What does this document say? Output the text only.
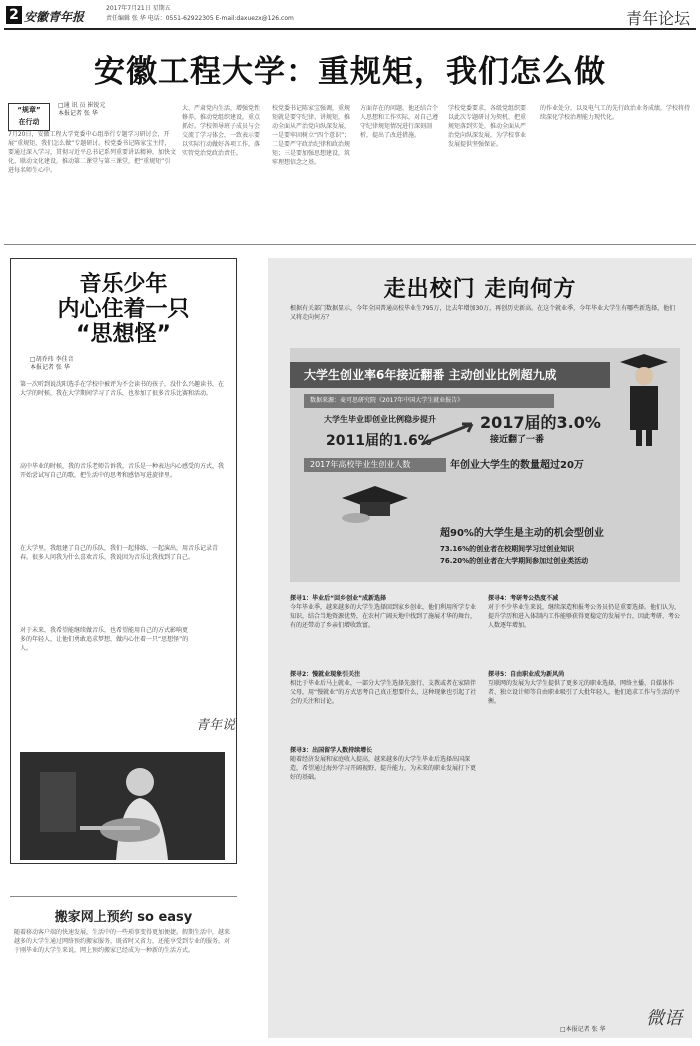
2 安徽青年报
2017年7月21日 星期五
责任编辑 张 华 电话：0551-62922305 E-mail:daxuezx@126.com	青年论坛
安徽工程大学：重规矩，我们怎么做
“规章”
在行动
□通 讯 员 崔锐元
本报记者 张 华
7月20日，安徽工程大学党委中心组举行专题学习研讨会，开展“重规矩，我们怎么做”专题研讨。校党委书记陈家宝主持，要通过深入学习，贯彻习近平总书记系列重要讲话精神，加快文化、联动文化建设，推动第二课堂与第三课堂，把“重规矩”引进每名师生心中。
大、严肃党内生活，增强党性修养，推动党组织建设，重点抓好。学校领导班子成员与会交流了学习体会，一致表示要以实际行动做好各项工作，落实管党治党政治责任。
校党委书记陈家宝强调，重规矩就是要守纪律、讲规矩，推动全面从严治党向纵深发展，一是要牢固树立“四个意识”；二是要严守政治纪律和政治规矩；三是要加强思想建设，筑牢理想信念之基。
方面存在的问题。他还结合个人思想和工作实际，对自己遵守纪律规矩情况进行深刻剖析，提出了改进措施。
学校党委要求，各级党组织要以此次专题研讨为契机，把重规矩落到实处，推动全面从严治党向纵深发展，为学校事业发展提供坚强保证。
的作业处分，以及电气工的先行政治业务成绩，学校将持续深化学校治理能力现代化。
音乐少年
内心住着一只
“思想怪”
□胡乔玮 李佳音
本报记者 张 华
第一次听到说沈阳选手在学校中被评为不会读书的孩子，没什么兴趣读书，在大学的时候，我在大学期间学习了音乐，也参加了很多音乐比赛和活动。
高中毕业的时候，我的音乐老师告诉我，音乐是一种表达内心感受的方式，我开始尝试写自己的歌，把生活中的思考和感悟写进旋律里。
在大学里，我组建了自己的乐队，我们一起排练、一起演出，用音乐记录青春。很多人问我为什么喜欢音乐，我说因为音乐让我找到了自己。
对于未来，我希望能继续做音乐，也希望能用自己的方式影响更多的年轻人，让他们勇敢追求梦想，做内心住着一只“思想怪”的人。
青年说
搬家网上预约 so easy
随着移动客户端的快速发展，生活中的一些琐事变得更加便捷。假期生活中，越来越多的大学生通过网络预约搬家服务，既省时又省力，还能享受到专业的服务。对于刚毕业的大学生来说，网上预约搬家已经成为一种新的生活方式。
走出校门 走向何方
根据有关部门数据显示，今年全国普通高校毕业生795万，比去年增加30万，再创历史新高。在这个就业季，今年毕业大学生有哪些新选择，他们又将走向何方？
大学生创业率6年接近翻番 主动创业比例超九成
数据来源：麦可思研究院《2017年中国大学生就业报告》
大学生毕业即创业比例稳步提升
2011届的1.6%
2017届的3.0%
接近翻了一番
2017年高校毕业生创业人数	年创业大学生的数量超过20万
超90%的大学生是主动的机会型创业
73.16%的创业者在校期间学习过创业知识
76.20%的创业者在大学期间参加过创业类活动
探寻1：毕业后“回乡创业”成新选择
今年毕业季，越来越多的大学生选择回到家乡创业，他们利用所学专业知识，结合当地资源优势，在农村广阔天地中找到了施展才华的舞台，有的还带动了乡亲们增收致富。
探寻2：慢就业现象引关注
相比于毕业后马上就业，一部分大学生选择先旅行、支教或者在家陪伴父母，用“慢就业”的方式思考自己真正想要什么，这种现象也引起了社会的关注和讨论。
探寻3：出国留学人数持续增长
随着经济发展和家庭收入提高，越来越多的大学生毕业后选择出国深造，希望通过海外学习开阔视野、提升能力，为未来的职业发展打下更好的基础。
探寻4：考研考公热度不减
对于不少毕业生来说，继续深造和报考公务员仍是重要选择。他们认为，提升学历和进入体制内工作能够获得更稳定的发展平台，因此考研、考公人数逐年增加。
探寻5：自由职业成为新风尚
互联网的发展为大学生提供了更多元的职业选择，网络主播、自媒体作者、独立设计师等自由职业吸引了大批年轻人，他们追求工作与生活的平衡。
□本报记者 张 华
微语
